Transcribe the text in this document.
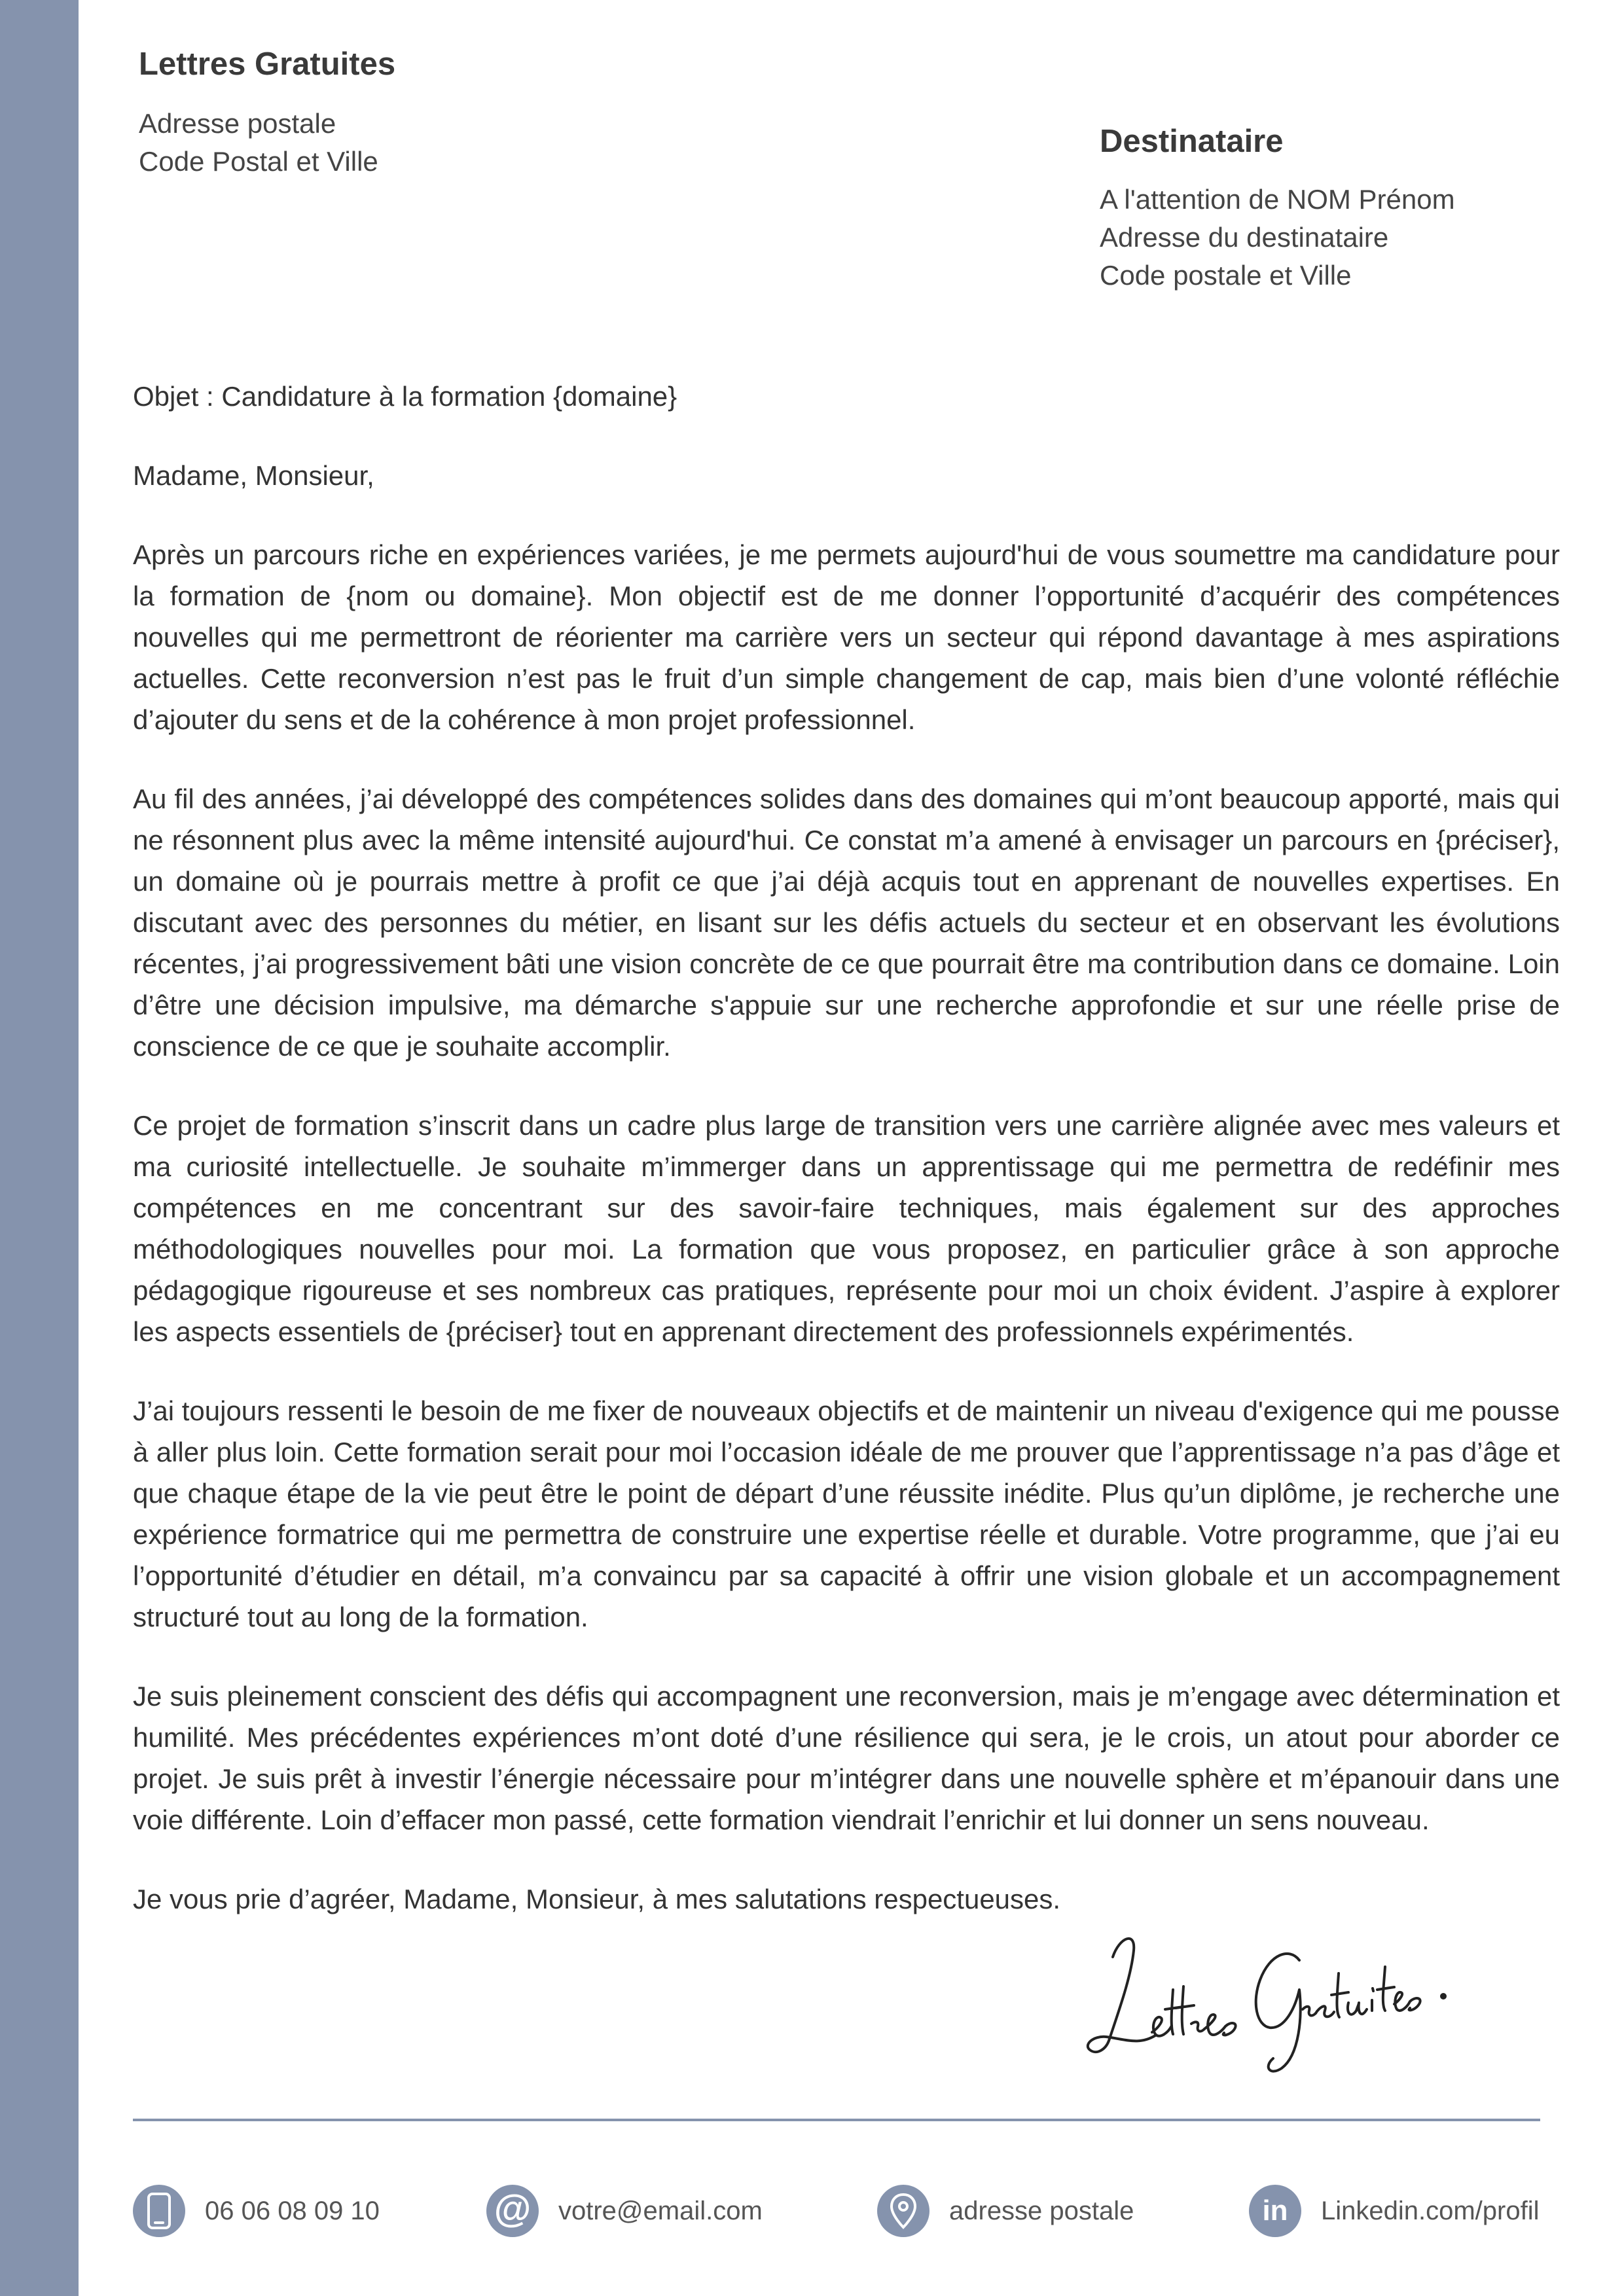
Lettres Gratuites
Adresse postale
Code Postal et Ville
Destinataire
A l'attention de NOM Prénom
Adresse du destinataire
Code postale et Ville

Objet : Candidature à la formation {domaine}

Madame, Monsieur,

Après un parcours riche en expériences variées, je me permets aujourd'hui de vous soumettre ma candidature pour la formation de {nom ou domaine}. Mon objectif est de me donner l’opportunité d’acquérir des compétences nouvelles qui me permettront de réorienter ma carrière vers un secteur qui répond davantage à mes aspirations actuelles. Cette reconversion n’est pas le fruit d’un simple changement de cap, mais bien d’une volonté réfléchie d’ajouter du sens et de la cohérence à mon projet professionnel.

Au fil des années, j’ai développé des compétences solides dans des domaines qui m’ont beaucoup apporté, mais qui ne résonnent plus avec la même intensité aujourd'hui. Ce constat m’a amené à envisager un parcours en {préciser}, un domaine où je pourrais mettre à profit ce que j’ai déjà acquis tout en apprenant de nouvelles expertises. En discutant avec des personnes du métier, en lisant sur les défis actuels du secteur et en observant les évolutions récentes, j’ai progressivement bâti une vision concrète de ce que pourrait être ma contribution dans ce domaine. Loin d’être une décision impulsive, ma démarche s'appuie sur une recherche approfondie et sur une réelle prise de conscience de ce que je souhaite accomplir.

Ce projet de formation s’inscrit dans un cadre plus large de transition vers une carrière alignée avec mes valeurs et ma curiosité intellectuelle. Je souhaite m’immerger dans un apprentissage qui me permettra de redéfinir mes compétences en me concentrant sur des savoir-faire techniques, mais également sur des approches méthodologiques nouvelles pour moi. La formation que vous proposez, en particulier grâce à son approche pédagogique rigoureuse et ses nombreux cas pratiques, représente pour moi un choix évident. J’aspire à explorer les aspects essentiels de {préciser} tout en apprenant directement des professionnels expérimentés.

J’ai toujours ressenti le besoin de me fixer de nouveaux objectifs et de maintenir un niveau d'exigence qui me pousse à aller plus loin. Cette formation serait pour moi l’occasion idéale de me prouver que l’apprentissage n’a pas d’âge et que chaque étape de la vie peut être le point de départ d’une réussite inédite. Plus qu’un diplôme, je recherche une expérience formatrice qui me permettra de construire une expertise réelle et durable. Votre programme, que j’ai eu l’opportunité d’étudier en détail, m’a convaincu par sa capacité à offrir une vision globale et un accompagnement structuré tout au long de la formation.

Je suis pleinement conscient des défis qui accompagnent une reconversion, mais je m’engage avec détermination et humilité. Mes précédentes expériences m’ont doté d’une résilience qui sera, je le crois, un atout pour aborder ce projet. Je suis prêt à investir l’énergie nécessaire pour m’intégrer dans une nouvelle sphère et m’épanouir dans une voie différente. Loin d’effacer mon passé, cette formation viendrait l’enrichir et lui donner un sens nouveau.

Je vous prie d’agréer, Madame, Monsieur, à mes salutations respectueuses.

06 06 08 09 10	@ votre@email.com	adresse postale	in Linkedin.com/profil
